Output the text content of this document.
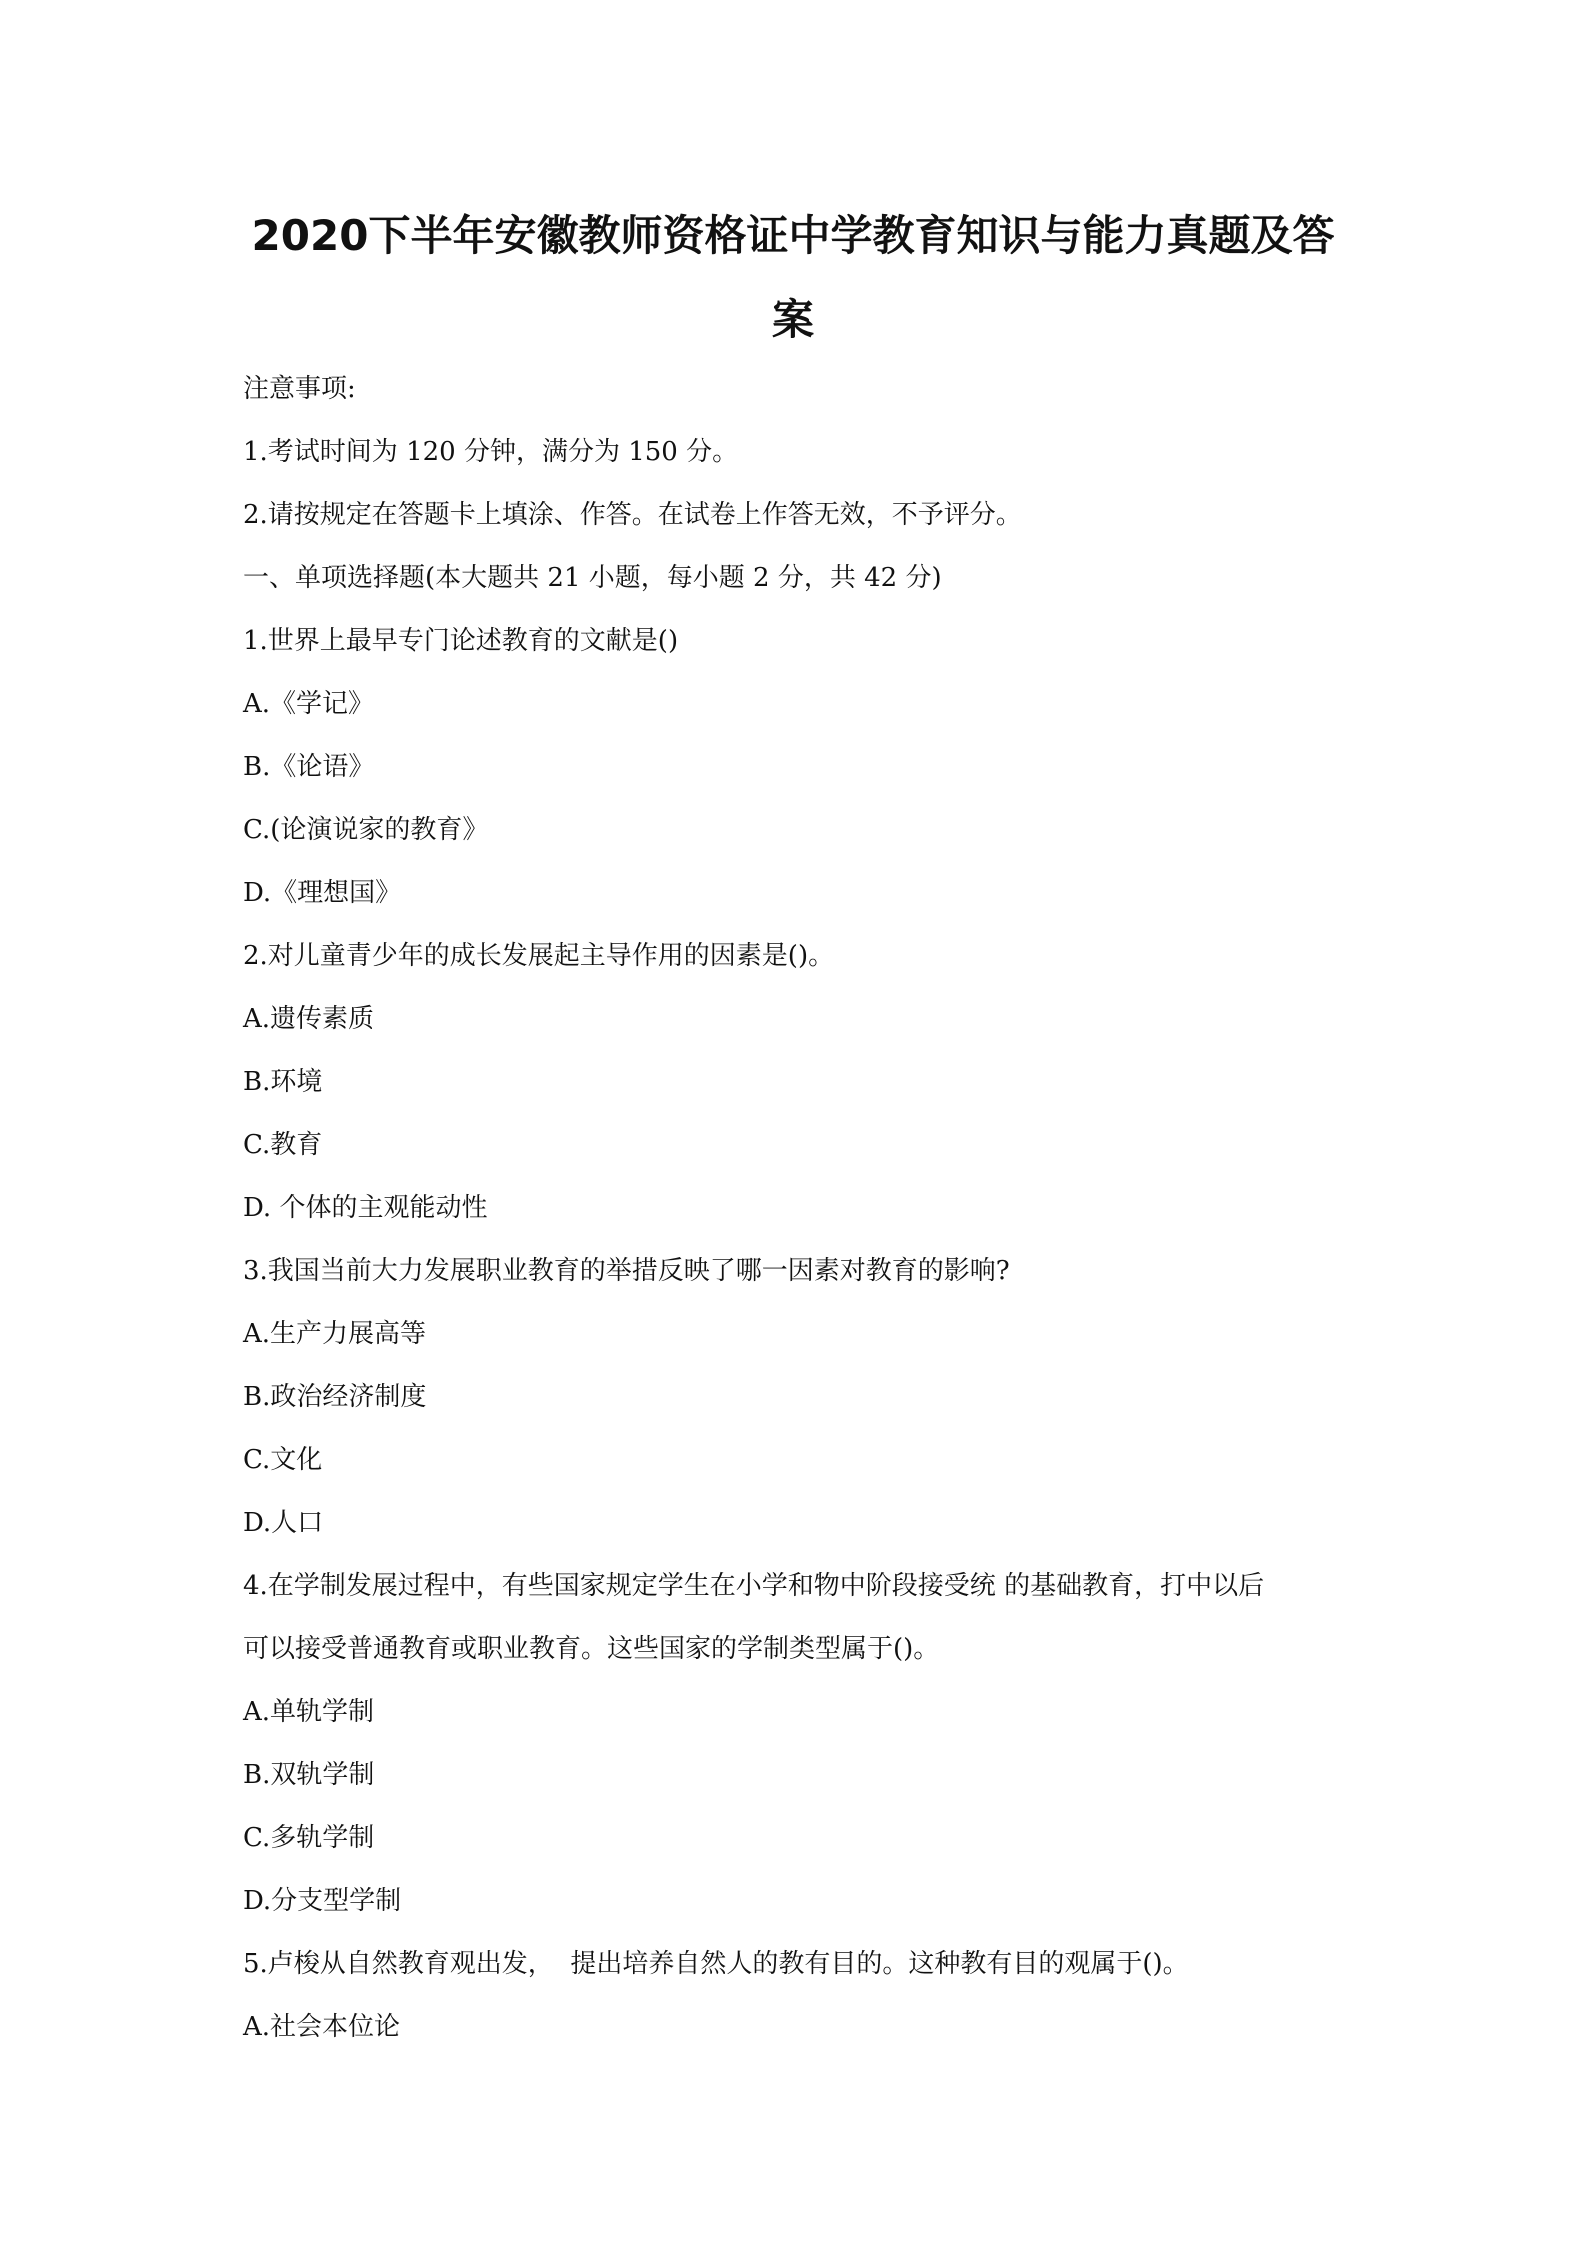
2020下半年安徽教师资格证中学教育知识与能力真题及答
案

注意事项:

1.考试时间为 120 分钟，满分为 150 分。

2.请按规定在答题卡上填涂、作答。在试卷上作答无效，不予评分。

一、单项选择题(本大题共 21 小题，每小题 2 分，共 42 分)

1.世界上最早专门论述教育的文献是()

A.《学记》

B.《论语》

C.(论演说家的教育》

D.《理想国》

2.对儿童青少年的成长发展起主导作用的因素是()。

A.遗传素质

B.环境

C.教育

D. 个体的主观能动性

3.我国当前大力发展职业教育的举措反映了哪一因素对教育的影响?

A.生产力展高等

B.政治经济制度

C.文化

D.人口

4.在学制发展过程中，有些国家规定学生在小学和物中阶段接受统 的基础教育，打中以后

可以接受普通教育或职业教育。这些国家的学制类型属于()。

A.单轨学制

B.双轨学制

C.多轨学制

D.分支型学制

5.卢梭从自然教育观出发，  提出培养自然人的教有目的。这种教有目的观属于()。

A.社会本位论
